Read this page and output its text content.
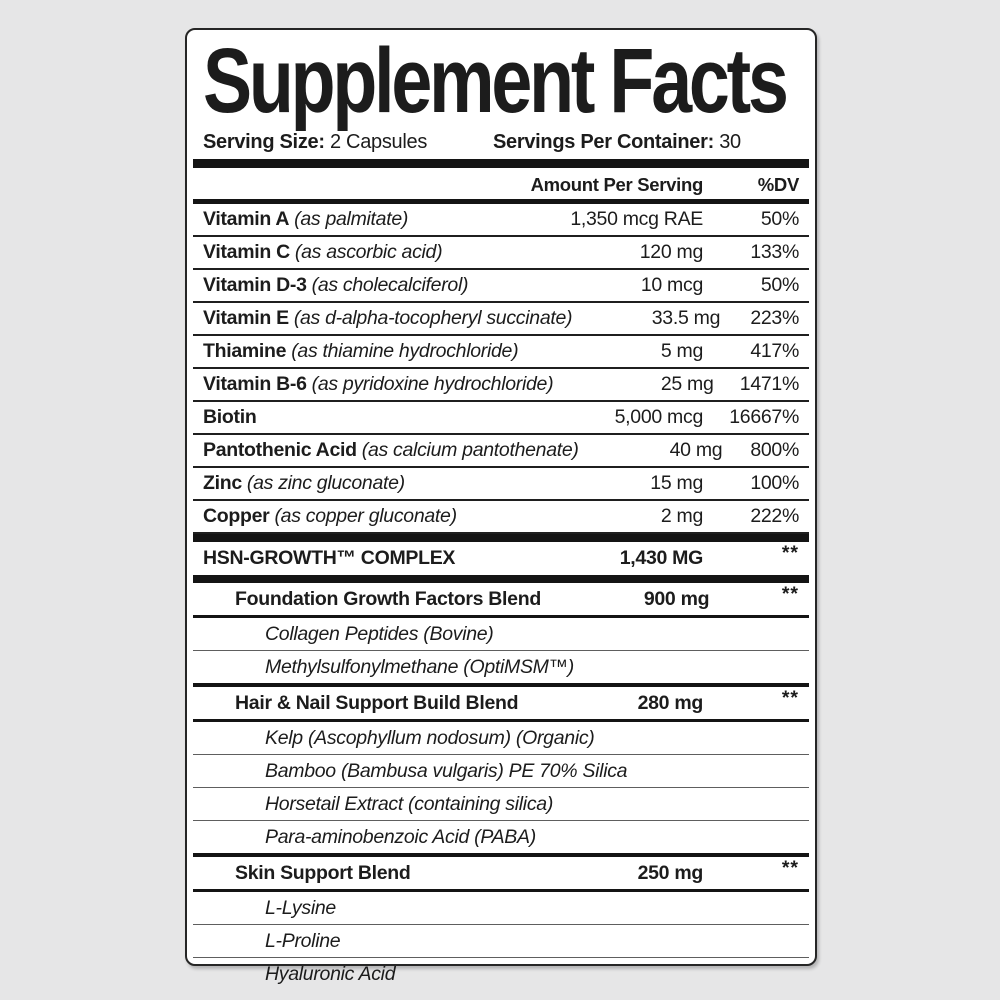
Supplement Facts
Serving Size: 2 Capsules	Servings Per Container: 30
Amount Per Serving	%DV
Vitamin A (as palmitate)	1,350 mcg RAE	50%
Vitamin C (as ascorbic acid)	120 mg	133%
Vitamin D-3 (as cholecalciferol)	10 mcg	50%
Vitamin E (as d-alpha-tocopheryl succinate)	33.5 mg	223%
Thiamine (as thiamine hydrochloride)	5 mg	417%
Vitamin B-6 (as pyridoxine hydrochloride)	25 mg	1471%
Biotin	5,000 mcg	16667%
Pantothenic Acid (as calcium pantothenate)	40 mg	800%
Zinc (as zinc gluconate)	15 mg	100%
Copper (as copper gluconate)	2 mg	222%
HSN-GROWTH™ COMPLEX	1,430 MG	**
Foundation Growth Factors Blend	900 mg	**
Collagen Peptides (Bovine)
Methylsulfonylmethane (OptiMSM™)
Hair & Nail Support Build Blend	280 mg	**
Kelp (Ascophyllum nodosum) (Organic)
Bamboo (Bambusa vulgaris) PE 70% Silica
Horsetail Extract (containing silica)
Para-aminobenzoic Acid (PABA)
Skin Support Blend	250 mg	**
L-Lysine
L-Proline
Hyaluronic Acid
